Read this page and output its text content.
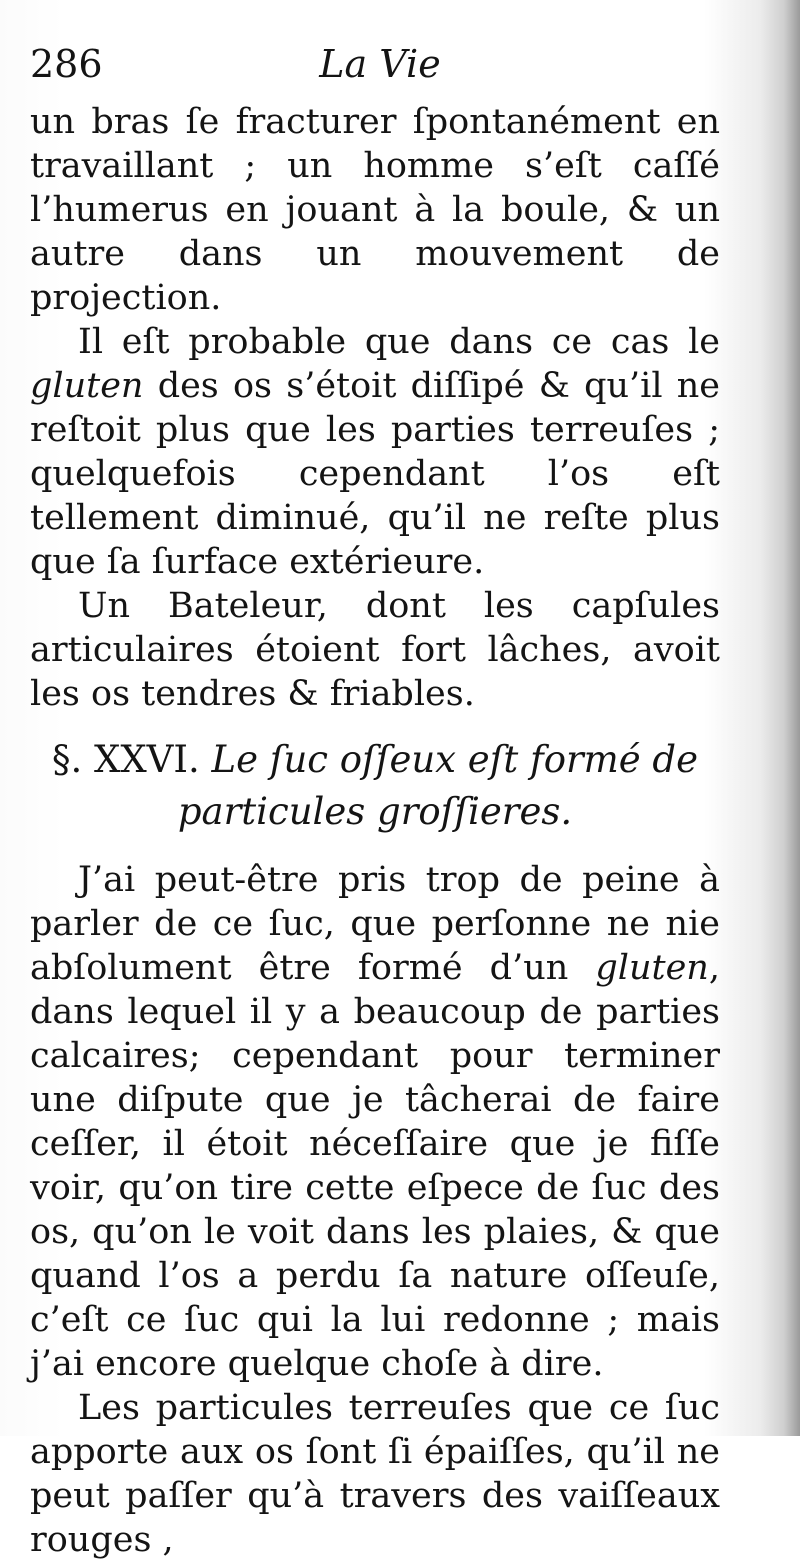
286	La Vie

un bras ſe fracturer ſpontanément en travaillant ; un homme s’eſt caſſé l’humerus en jouant à la boule, & un autre dans un mouvement de projection.

Il eſt probable que dans ce cas le gluten des os s’étoit diſſipé & qu’il ne reſtoit plus que les parties terreuſes ; quelquefois cependant l’os eſt tellement diminué, qu’il ne reſte plus que ſa ſurface extérieure.

Un Bateleur, dont les capſules articulaires étoient fort lâches, avoit les os tendres & friables.

§. XXVI. Le ſuc oſſeux eſt formé de particules groſſieres.

J’ai peut-être pris trop de peine à parler de ce ſuc, que perſonne ne nie abſolument être formé d’un gluten, dans lequel il y a beaucoup de parties calcaires; cependant pour terminer une diſpute que je tâcherai de faire ceſſer, il étoit néceſſaire que je fiſſe voir, qu’on tire cette eſpece de ſuc des os, qu’on le voit dans les plaies, & que quand l’os a perdu ſa nature oſſeuſe, c’eſt ce ſuc qui la lui redonne ; mais j’ai encore quelque choſe à dire.

Les particules terreuſes que ce ſuc apporte aux os ſont ſi épaiſſes, qu’il ne peut paſſer qu’à travers des vaiſſeaux rouges ,
